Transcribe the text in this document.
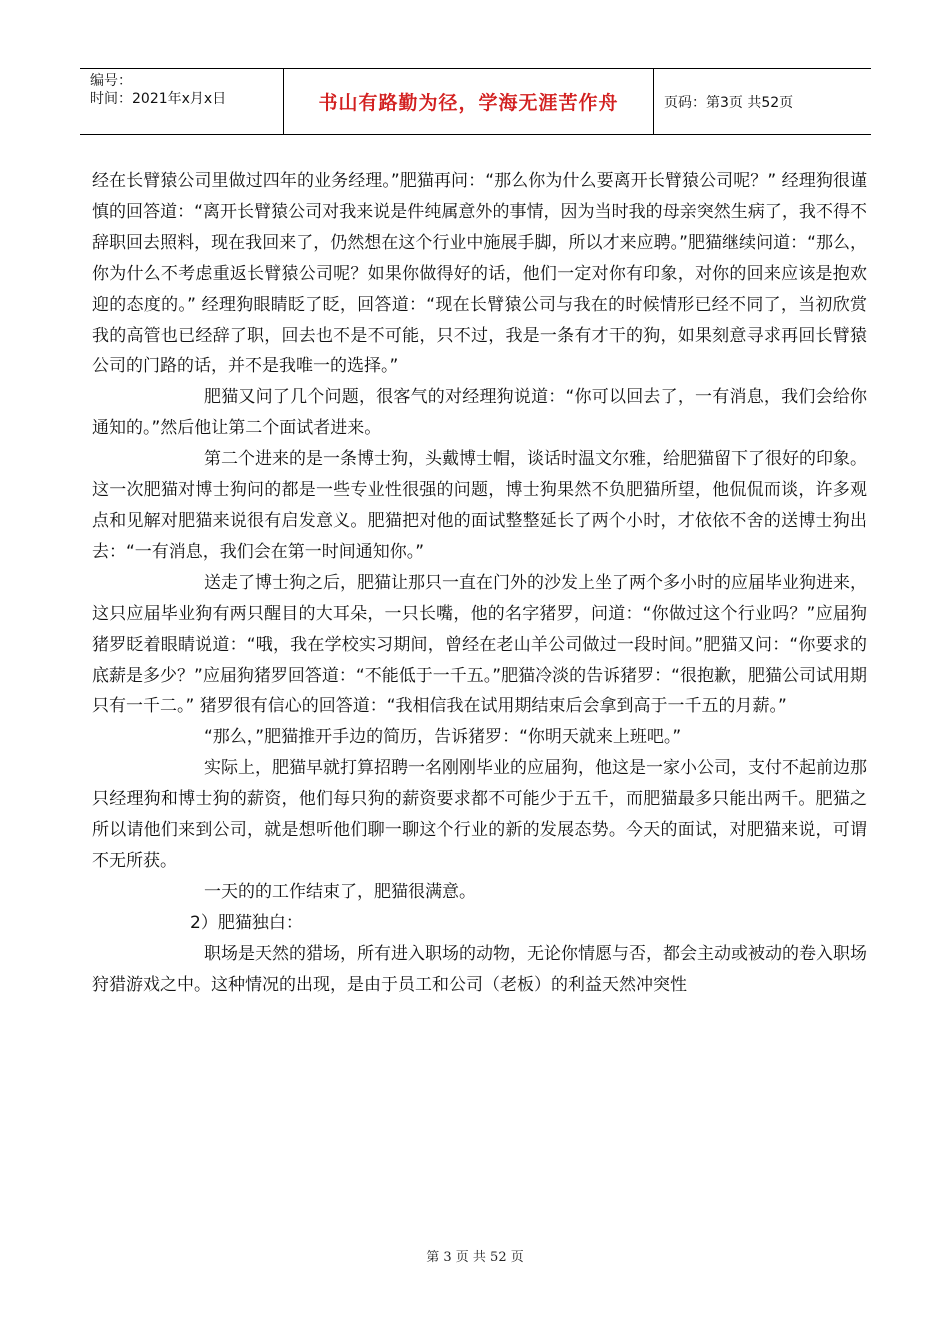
编号：
时间：2021年x月x日	书山有路勤为径，学海无涯苦作舟	页码：第3页 共52页

经在长臂猿公司里做过四年的业务经理。”肥猫再问：“那么你为什么要离开长臂猿公司呢？” 经理狗很谨慎的回答道：“离开长臂猿公司对我来说是件纯属意外的事情，因为当时我的母亲突然生病了，我不得不辞职回去照料，现在我回来了，仍然想在这个行业中施展手脚，所以才来应聘。”肥猫继续问道：“那么，你为什么不考虑重返长臂猿公司呢？如果你做得好的话，他们一定对你有印象，对你的回来应该是抱欢迎的态度的。” 经理狗眼睛眨了眨，回答道：“现在长臂猿公司与我在的时候情形已经不同了，当初欣赏我的高管也已经辞了职，回去也不是不可能，只不过，我是一条有才干的狗，如果刻意寻求再回长臂猿公司的门路的话，并不是我唯一的选择。”

肥猫又问了几个问题，很客气的对经理狗说道：“你可以回去了，一有消息，我们会给你通知的。”然后他让第二个面试者进来。

第二个进来的是一条博士狗，头戴博士帽，谈话时温文尔雅，给肥猫留下了很好的印象。这一次肥猫对博士狗问的都是一些专业性很强的问题，博士狗果然不负肥猫所望，他侃侃而谈，许多观点和见解对肥猫来说很有启发意义。肥猫把对他的面试整整延长了两个小时，才依依不舍的送博士狗出去：“一有消息，我们会在第一时间通知你。”

送走了博士狗之后，肥猫让那只一直在门外的沙发上坐了两个多小时的应届毕业狗进来，这只应届毕业狗有两只醒目的大耳朵，一只长嘴，他的名字猪罗，问道：“你做过这个行业吗？”应届狗猪罗眨着眼睛说道：“哦，我在学校实习期间，曾经在老山羊公司做过一段时间。”肥猫又问：“你要求的底薪是多少？”应届狗猪罗回答道：“不能低于一千五。”肥猫冷淡的告诉猪罗：“很抱歉，肥猫公司试用期只有一千二。” 猪罗很有信心的回答道：“我相信我在试用期结束后会拿到高于一千五的月薪。”

“那么，”肥猫推开手边的简历，告诉猪罗：“你明天就来上班吧。”

实际上，肥猫早就打算招聘一名刚刚毕业的应届狗，他这是一家小公司，支付不起前边那只经理狗和博士狗的薪资，他们每只狗的薪资要求都不可能少于五千，而肥猫最多只能出两千。肥猫之所以请他们来到公司，就是想听他们聊一聊这个行业的新的发展态势。今天的面试，对肥猫来说，可谓不无所获。

一天的的工作结束了，肥猫很满意。

2）肥猫独白：

职场是天然的猎场，所有进入职场的动物，无论你情愿与否，都会主动或被动的卷入职场狩猎游戏之中。这种情况的出现，是由于员工和公司（老板）的利益天然冲突性

第 3 页 共 52 页
